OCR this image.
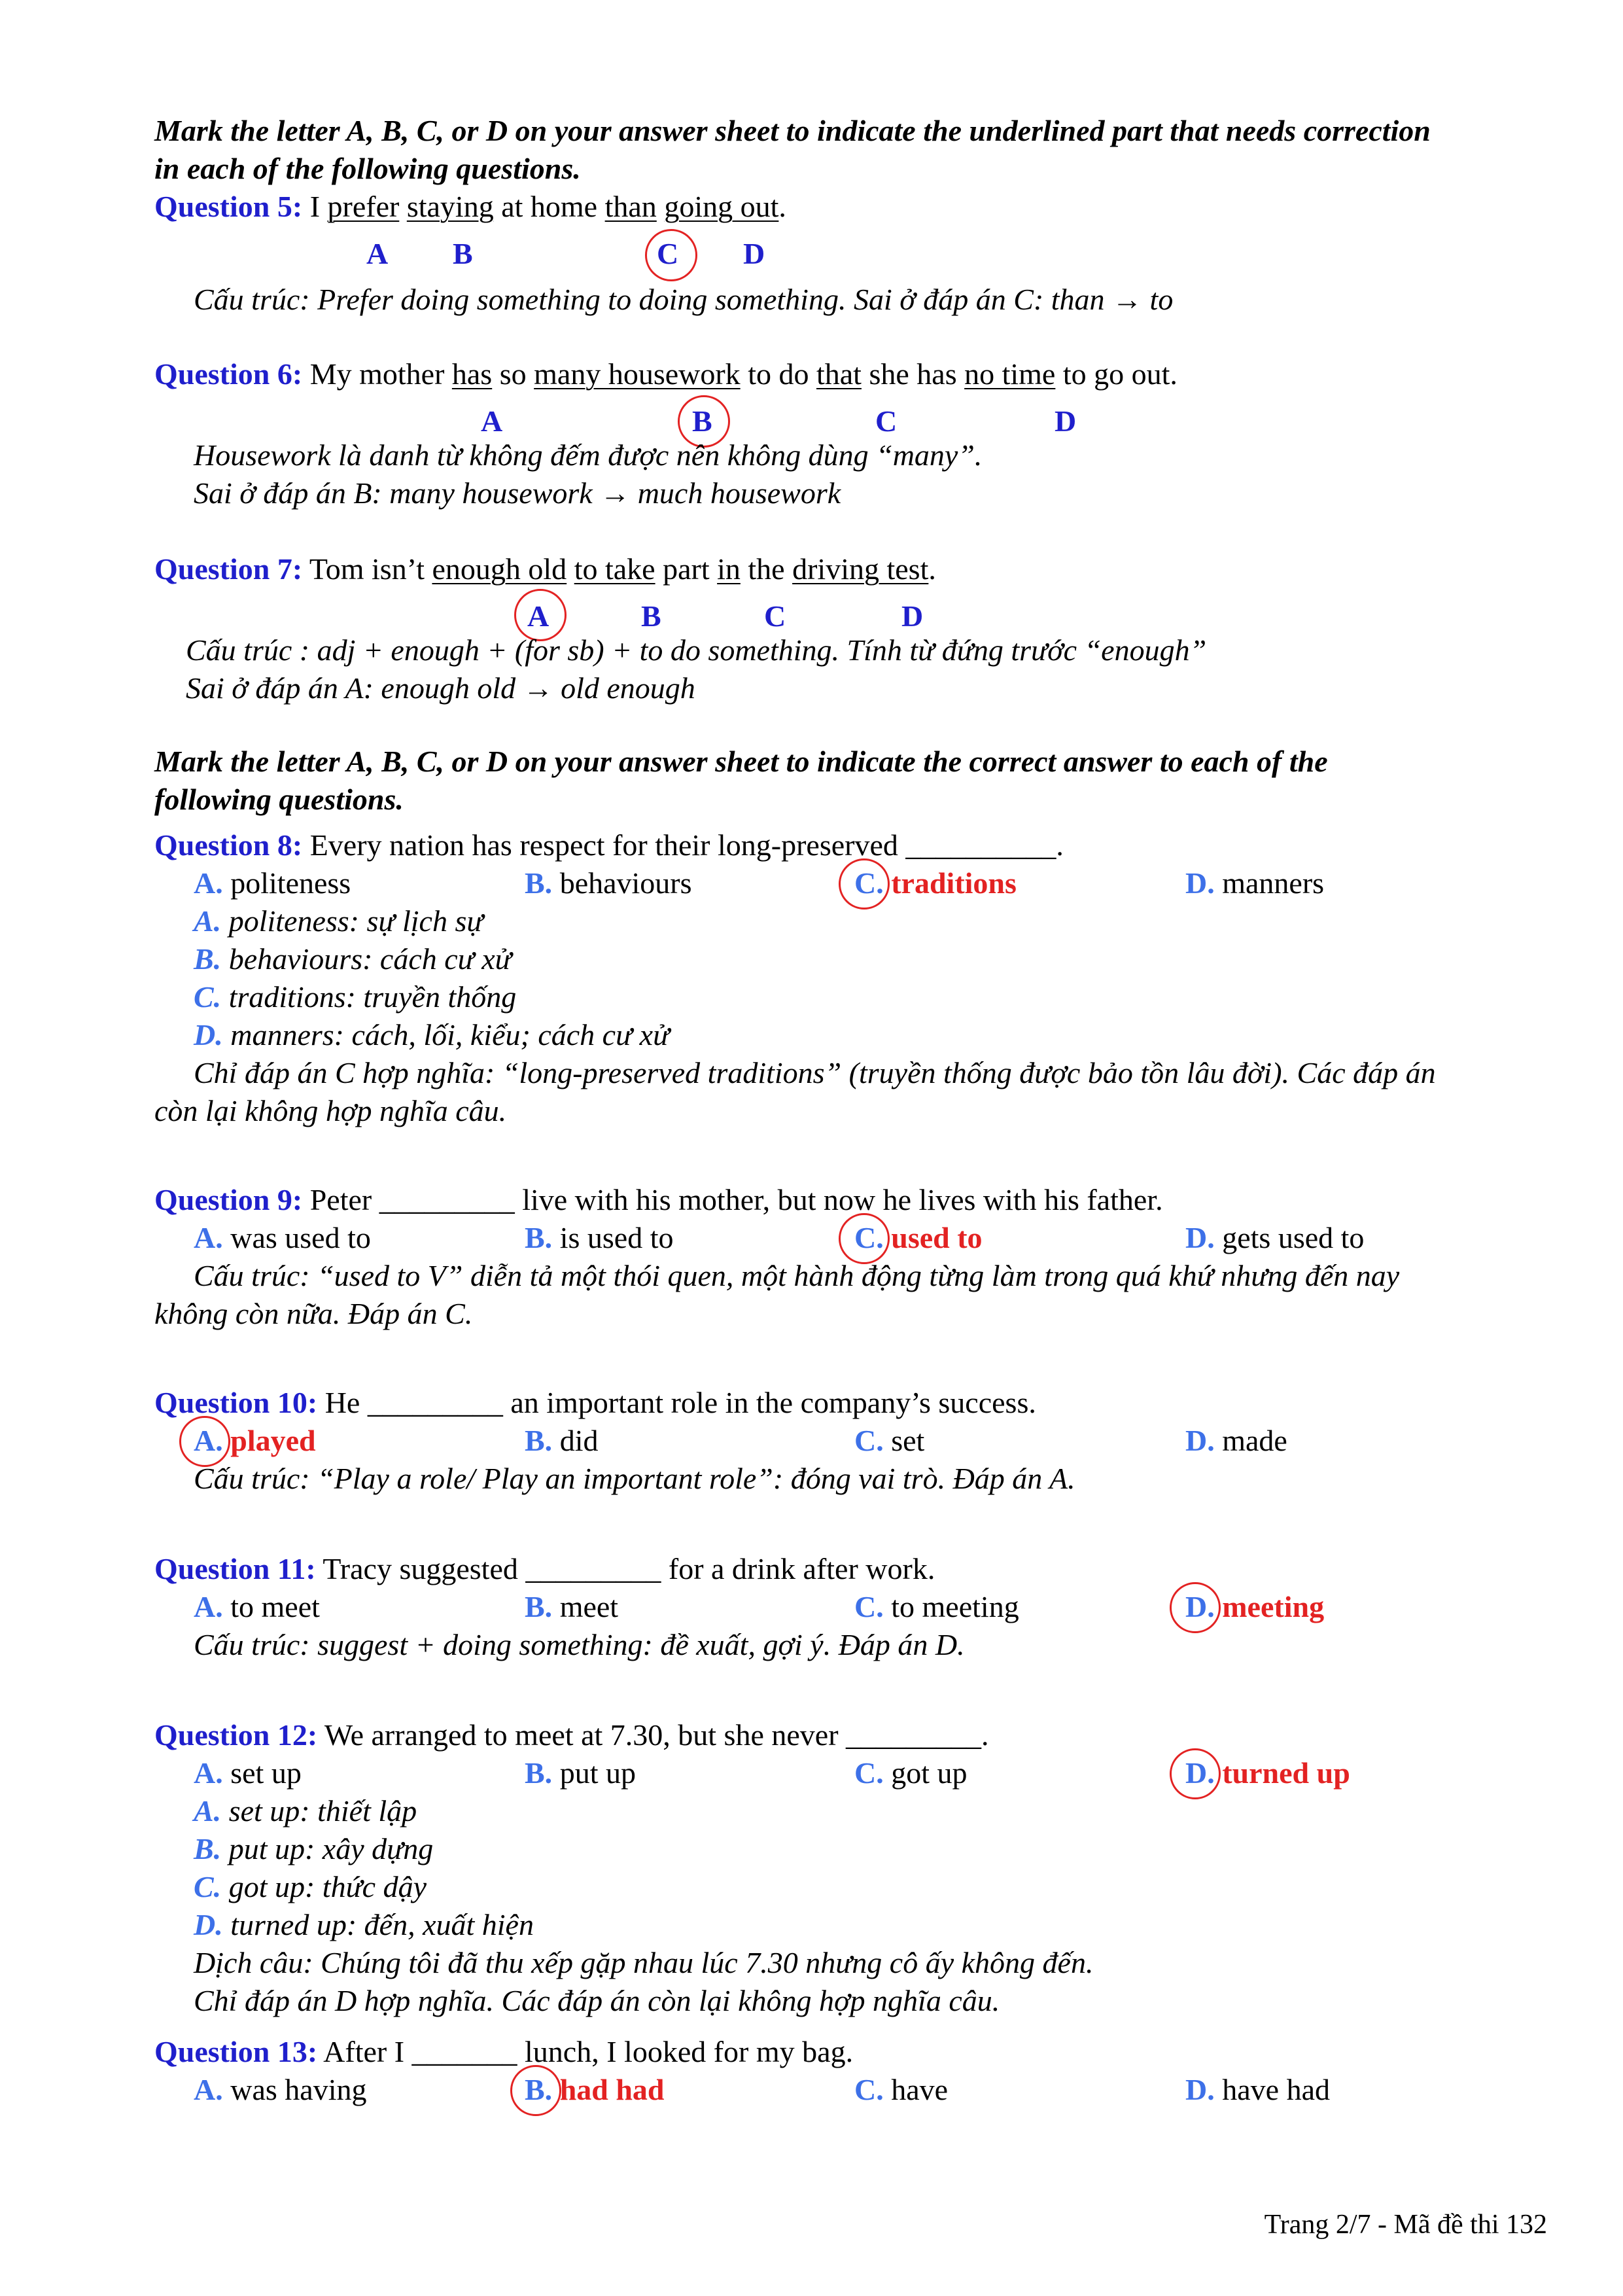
Mark the letter A, B, C, or D on your answer sheet to indicate the underlined part that needs correction
in each of the following questions.
Question 5: I prefer staying at home than going out.
A B	C D
Cấu trúc: Prefer doing something to doing something. Sai ở đáp án C: than → to
Question 6: My mother has so many housework to do that she has no time to go out.
A	B	C	D
Housework là danh từ không đếm được nên không dùng “many”.
Sai ở đáp án B: many housework → much housework
Question 7: Tom isn’t enough old to take part in the driving test.
A	B	C	D
Cấu trúc : adj + enough + (for sb) + to do something. Tính từ đứng trước “enough”
Sai ở đáp án A: enough old → old enough
Mark the letter A, B, C, or D on your answer sheet to indicate the correct answer to each of the
following questions.
Question 8: Every nation has respect for their long-preserved __________.
A. politeness	B. behaviours	C. traditions	D. manners
A. politeness: sự lịch sự
B. behaviours: cách cư xử
C. traditions: truyền thống
D. manners: cách, lối, kiểu; cách cư xử
Chỉ đáp án C hợp nghĩa: “long-preserved traditions” (truyền thống được bảo tồn lâu đời). Các đáp án
còn lại không hợp nghĩa câu.
Question 9: Peter _________ live with his mother, but now he lives with his father.
A. was used to	B. is used to	C. used to	D. gets used to
Cấu trúc: “used to V” diễn tả một thói quen, một hành động từng làm trong quá khứ nhưng đến nay
không còn nữa. Đáp án C.
Question 10: He _________ an important role in the company’s success.
A. played	B. did	C. set	D. made
Cấu trúc: “Play a role/ Play an important role”: đóng vai trò. Đáp án A.
Question 11: Tracy suggested _________ for a drink after work.
A. to meet	B. meet	C. to meeting	D. meeting
Cấu trúc: suggest + doing something: đề xuất, gợi ý. Đáp án D.
Question 12: We arranged to meet at 7.30, but she never _________.
A. set up	B. put up	C. got up	D. turned up
A. set up: thiết lập
B. put up: xây dựng
C. got up: thức dậy
D. turned up: đến, xuất hiện
Dịch câu: Chúng tôi đã thu xếp gặp nhau lúc 7.30 nhưng cô ấy không đến.
Chỉ đáp án D hợp nghĩa. Các đáp án còn lại không hợp nghĩa câu.
Question 13: After I _______ lunch, I looked for my bag.
A. was having	B. had had	C. have	D. have had
Trang 2/7 - Mã đề thi 132
